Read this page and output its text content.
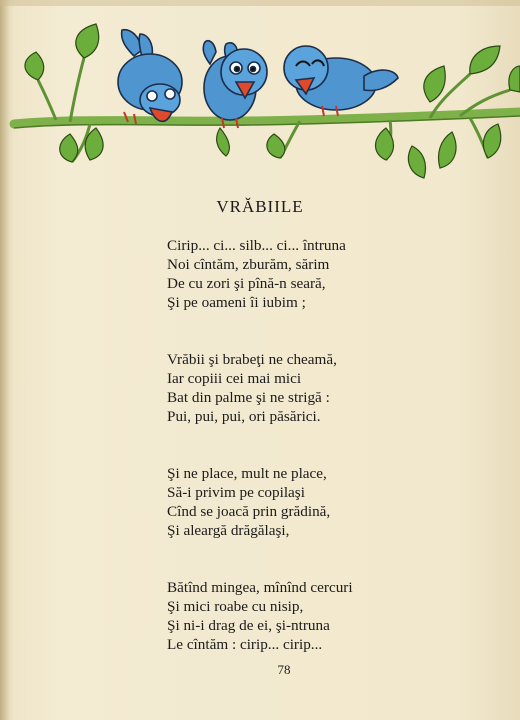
VRĂBIILE
Cirip... ci... silb... ci... întruna
Noi cîntăm, zburăm, sărim
De cu zori şi pînă-n seară,
Şi pe oameni îi iubim ;
Vrăbii şi brabeţi ne cheamă,
Iar copiii cei mai mici
Bat din palme şi ne strigă :
Pui, pui, pui, ori păsărici.
Şi ne place, mult ne place,
Să-i privim pe copilaşi
Cînd se joacă prin grădină,
Şi aleargă drăgălaşi,
Bătînd mingea, mînînd cercuri
Şi mici roabe cu nisip,
Şi ni-i drag de ei, şi-ntruna
Le cîntăm : cirip... cirip...
78
